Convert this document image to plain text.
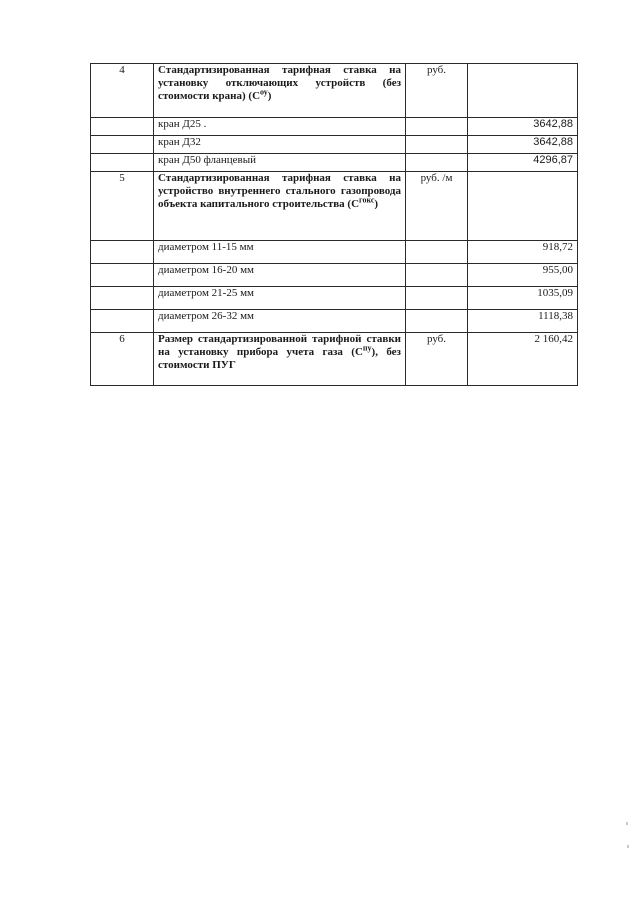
4	Стандартизированная тарифная ставка на установку отключающих устройств (без стоимости крана) $(С^{оу})$	руб.	
	кран Д25 .		3642,88
	кран Д32		3642,88
	кран Д50 фланцевый		4296,87
5	Стандартизированная тарифная ставка на устройство внутреннего стального газопровода объекта капитального строительства $(С^{гокс})$	руб. /м	
	диаметром 11-15 мм		918,72
	диаметром 16-20 мм		955,00
	диаметром 21-25 мм		1035,09
	диаметром 26-32 мм		1118,38
6	Размер стандартизированной тарифной ставки на установку прибора учета газа $(С^{пу})$, без стоимости ПУГ	руб.	2 160,42
